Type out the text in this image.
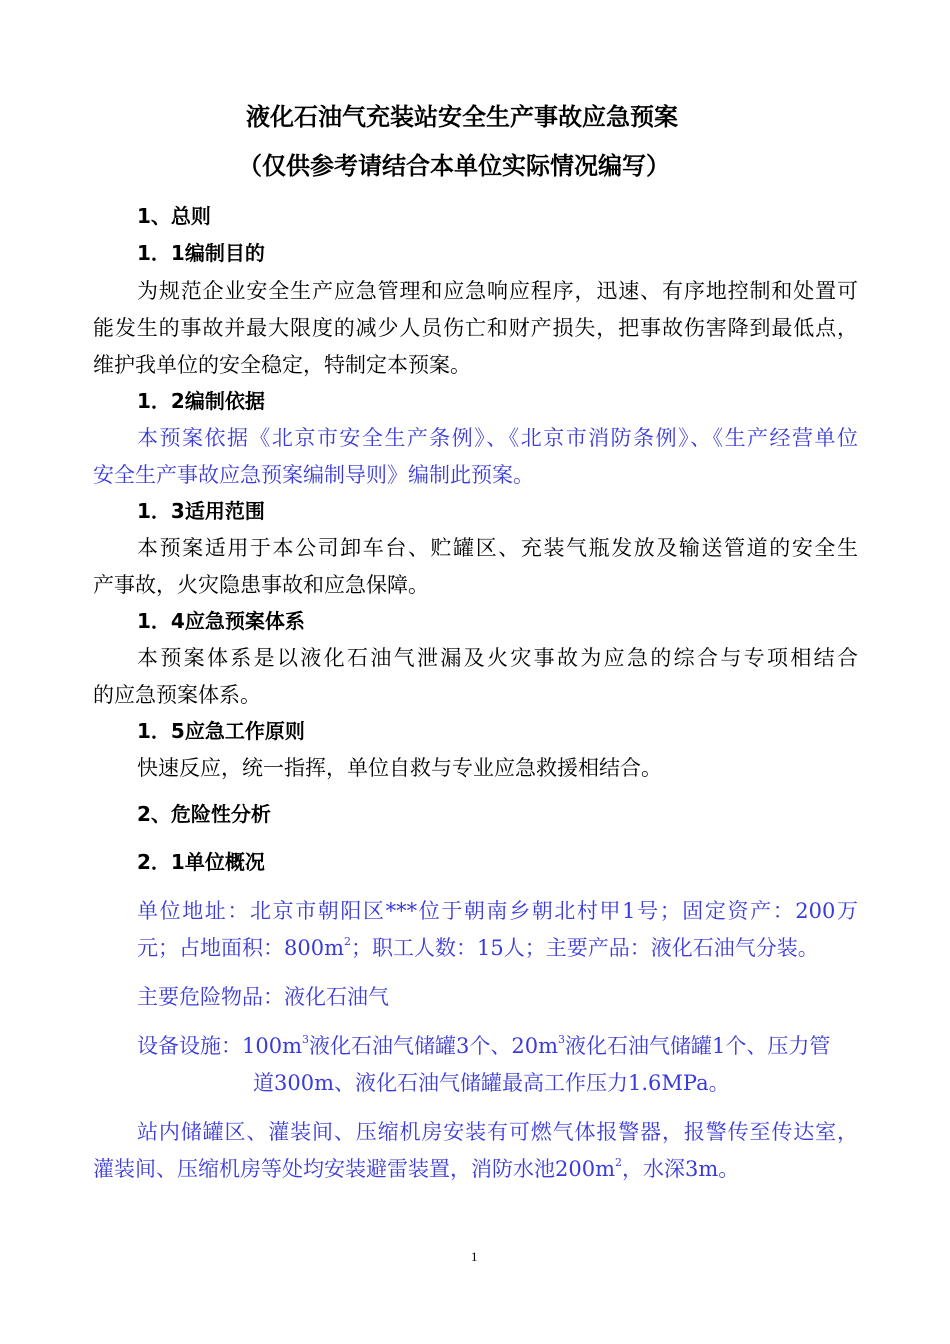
液化石油气充装站安全生产事故应急预案
（仅供参考请结合本单位实际情况编写）
1、总则
1．1编制目的
为规范企业安全生产应急管理和应急响应程序，迅速、有序地控制和处置可
能发生的事故并最大限度的减少人员伤亡和财产损失，把事故伤害降到最低点，
维护我单位的安全稳定，特制定本预案。
1．2编制依据
本预案依据《北京市安全生产条例》、《北京市消防条例》、《生产经营单位
安全生产事故应急预案编制导则》编制此预案。
1．3适用范围
本预案适用于本公司卸车台、贮罐区、充装气瓶发放及输送管道的安全生
产事故，火灾隐患事故和应急保障。
1．4应急预案体系
本预案体系是以液化石油气泄漏及火灾事故为应急的综合与专项相结合
的应急预案体系。
1．5应急工作原则
快速反应，统一指挥，单位自救与专业应急救援相结合。
2、危险性分析
2．1单位概况
单位地址：北京市朝阳区***位于朝南乡朝北村甲1号；固定资产：200万
元；占地面积：$800m^2$；职工人数：15人；主要产品：液化石油气分装。
主要危险物品：液化石油气
设备设施：$100m^3$液化石油气储罐3个、$20m^3$液化石油气储罐1个、压力管
道300m、液化石油气储罐最高工作压力1.6MPa。
站内储罐区、灌装间、压缩机房安装有可燃气体报警器，报警传至传达室，
灌装间、压缩机房等处均安装避雷装置，消防水池$200m^2$，水深3m。
1
